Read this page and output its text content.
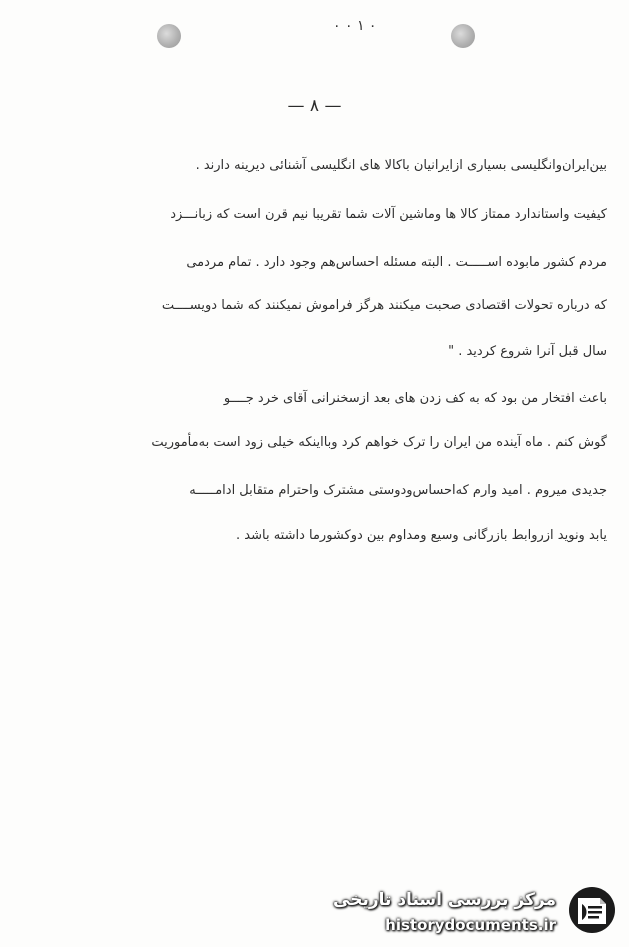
۰ ۰ ۱ ۰
— ۸ —
بین‌ایران‌وانگلیسی بسیاری ازایرانیان باکالا های انگلیسی آشنائی دیرینه دارند .
کیفیت واستاندارد ممتاز کالا ها وماشین آلات شما تقریبا نیم قرن است که زبانـــزد
مردم کشور مابوده اســـــت . البته مسئله احساس‌هم وجود دارد . تمام مردمی
که درباره تحولات اقتصادی صحبت میکنند هرگز فراموش نمیکنند که شما دویســــت
سال قبل آنرا شروع کردید . "
باعث افتخار من بود که به کف زدن های بعد ازسخنرانی آقای خرد جــــو
گوش کنم . ماه آینده من ایران را ترک خواهم کرد وبااینکه خیلی زود است به‌مأموریت
جدیدی میروم . امید وارم که‌احساس‌ودوستی مشترک واحترام متقابل ادامـــــه
یابد ونوید ازروابط بازرگانی وسیع ومداوم بین دوکشورما داشته باشد .
مرکز بررسی اسناد تاریخی
historydocuments.ir
